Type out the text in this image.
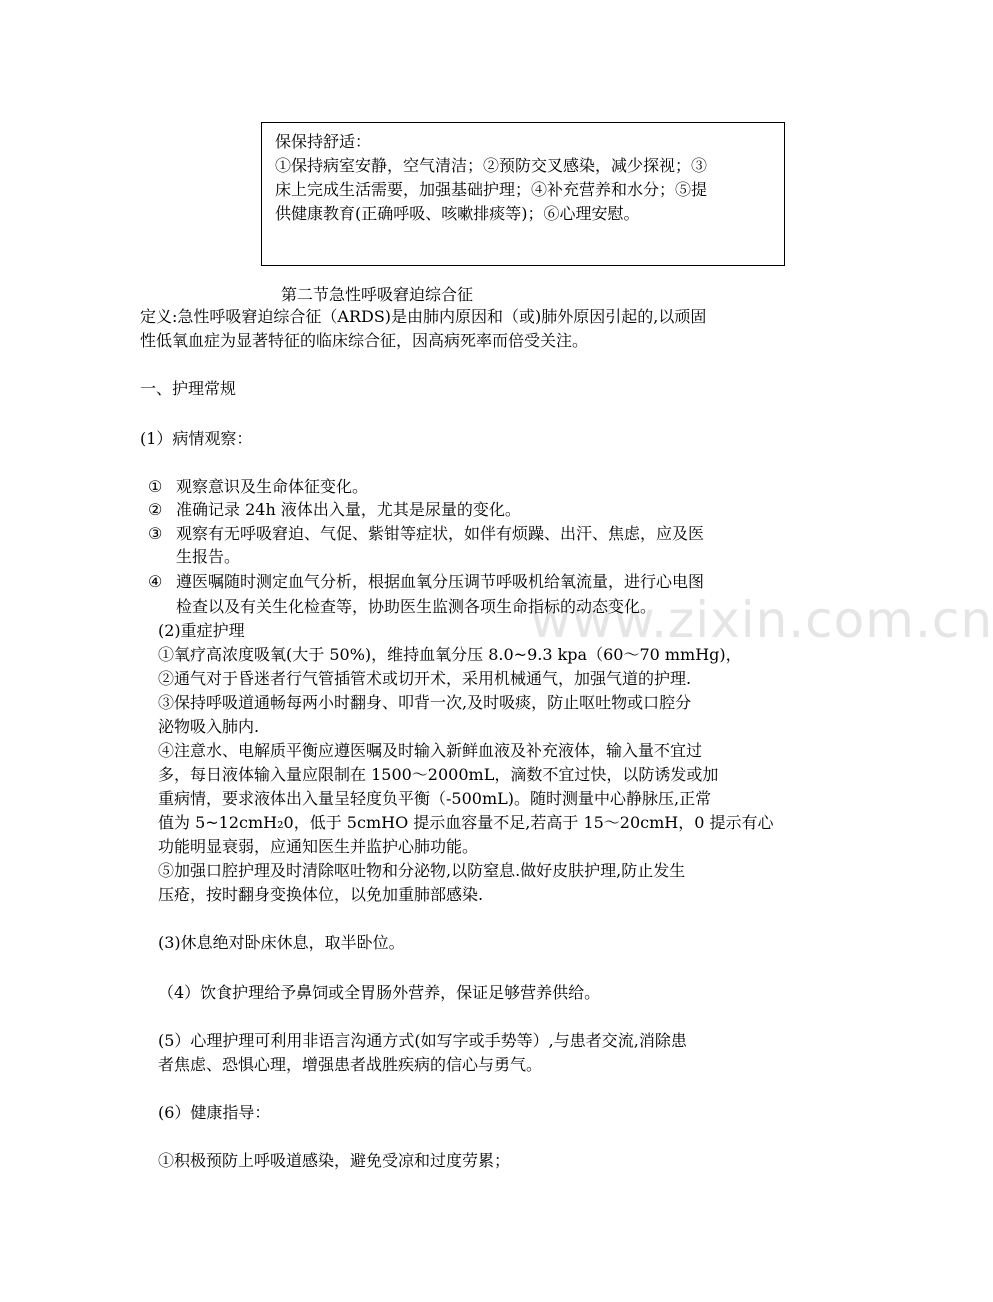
www.zixin.com.cn
保保持舒适：
①保持病室安静，空气清洁；②预防交叉感染，减少探视；③
床上完成生活需要，加强基础护理；④补充营养和水分；⑤提
供健康教育(正确呼吸、咳嗽排痰等)；⑥心理安慰。
第二节急性呼吸窘迫综合征
定义:急性呼吸窘迫综合征（ARDS)是由肺内原因和（或)肺外原因引起的,以顽固
性低氧血症为显著特征的临床综合征，因高病死率而倍受关注。
一、护理常规
(1）病情观察：
① 观察意识及生命体征变化。
② 准确记录 24h 液体出入量，尤其是尿量的变化。
③ 观察有无呼吸窘迫、气促、紫钳等症状，如伴有烦躁、出汗、焦虑，应及医
生报告。
④ 遵医嘱随时测定血气分析，根据血氧分压调节呼吸机给氧流量，进行心电图
检查以及有关生化检查等，协助医生监测各项生命指标的动态变化。
(2)重症护理
①氧疗高浓度吸氧(大于 50%)，维持血氧分压 8.0~9.3 kpa（60～70 mmHg)，
②通气对于昏迷者行气管插管术或切开术，采用机械通气，加强气道的护理.
③保持呼吸道通畅每两小时翻身、叩背一次,及时吸痰，防止呕吐物或口腔分
泌物吸入肺内.
④注意水、电解质平衡应遵医嘱及时输入新鲜血液及补充液体，输入量不宜过
多，每日液体输入量应限制在 1500～2000mL，滴数不宜过快，以防诱发或加
重病情，要求液体出入量呈轻度负平衡（-500mL)。随时测量中心静脉压,正常
值为 5~12cmH₂0，低于 5cmHO 提示血容量不足,若高于 15～20cmH，0 提示有心
功能明显衰弱，应通知医生并监护心肺功能。
⑤加强口腔护理及时清除呕吐物和分泌物,以防窒息.做好皮肤护理,防止发生
压疮，按时翻身变换体位，以免加重肺部感染.
(3)休息绝对卧床休息，取半卧位。
（4）饮食护理给予鼻饲或全胃肠外营养，保证足够营养供给。
(5）心理护理可利用非语言沟通方式(如写字或手势等）,与患者交流,消除患
者焦虑、恐惧心理，增强患者战胜疾病的信心与勇气。
(6）健康指导：
①积极预防上呼吸道感染，避免受凉和过度劳累；
